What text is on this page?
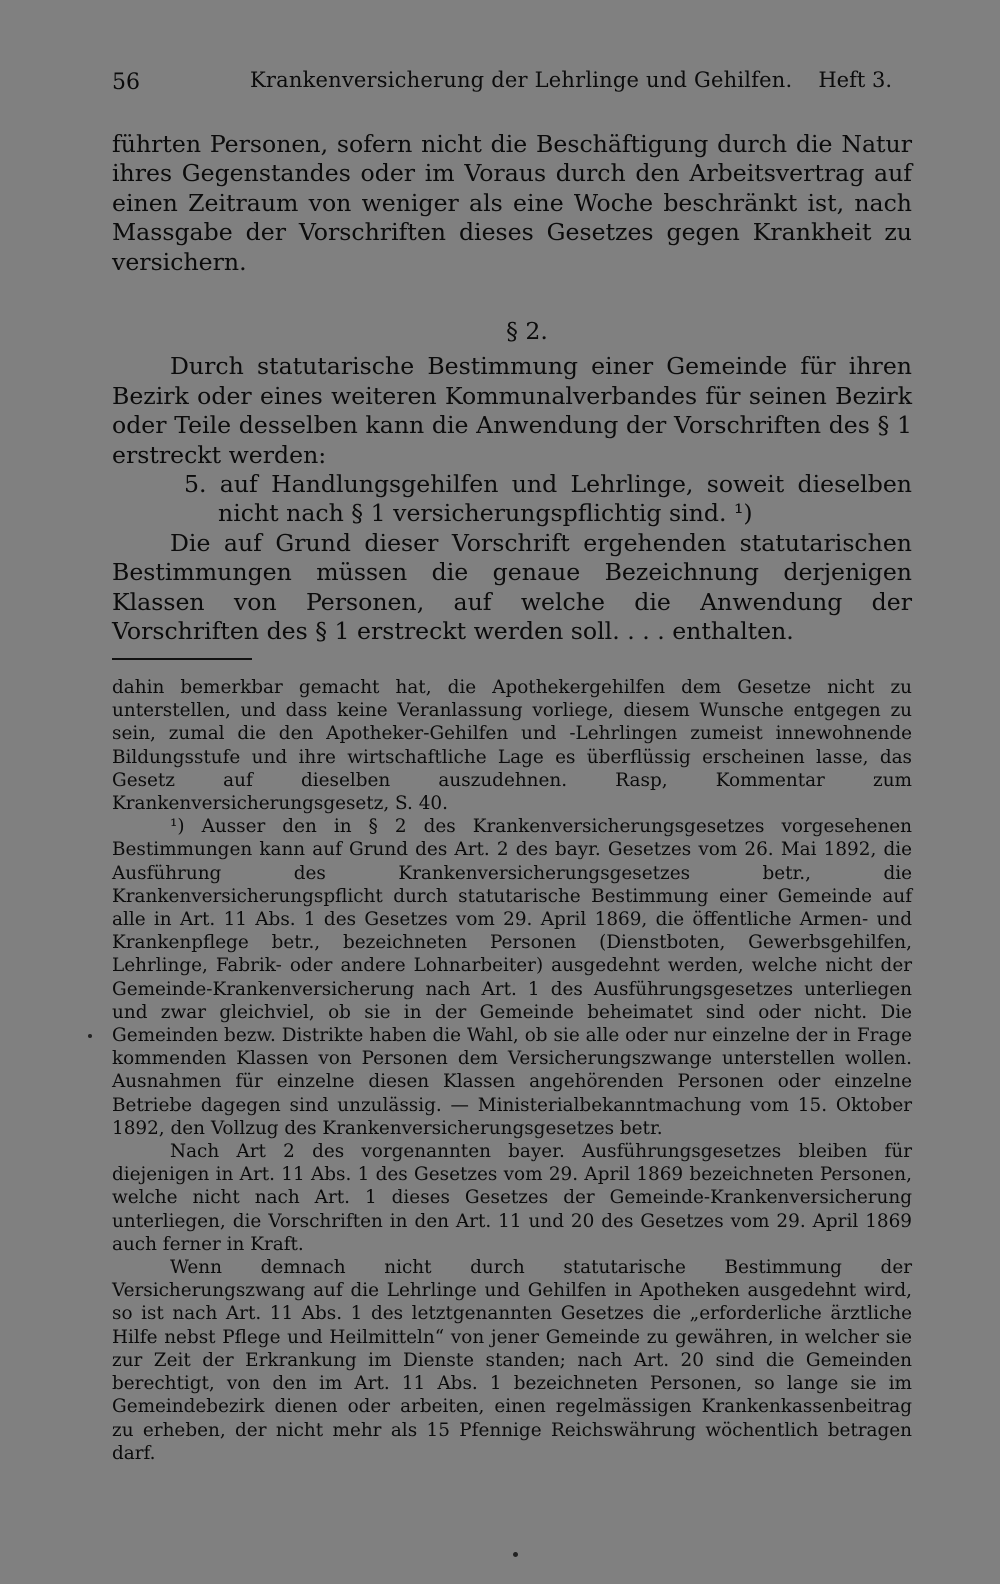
56	Krankenversicherung der Lehrlinge und Gehilfen. Heft 3.

führten Personen, sofern nicht die Beschäftigung durch die Natur ihres Gegenstandes oder im Voraus durch den Arbeitsvertrag auf einen Zeitraum von weniger als eine Woche beschränkt ist, nach Massgabe der Vorschriften dieses Gesetzes gegen Krankheit zu versichern.

§ 2.

Durch statutarische Bestimmung einer Gemeinde für ihren Bezirk oder eines weiteren Kommunalverbandes für seinen Bezirk oder Teile desselben kann die Anwendung der Vorschriften des § 1 erstreckt werden:

5. auf Handlungsgehilfen und Lehrlinge, soweit dieselben nicht nach § 1 versicherungspflichtig sind. ¹)

Die auf Grund dieser Vorschrift ergehenden statutarischen Bestimmungen müssen die genaue Bezeichnung derjenigen Klassen von Personen, auf welche die Anwendung der Vorschriften des § 1 erstreckt werden soll. . . . enthalten.

dahin bemerkbar gemacht hat, die Apothekergehilfen dem Gesetze nicht zu unterstellen, und dass keine Veranlassung vorliege, diesem Wunsche entgegen zu sein, zumal die den Apotheker-Gehilfen und -Lehrlingen zumeist innewohnende Bildungsstufe und ihre wirtschaftliche Lage es überflüssig erscheinen lasse, das Gesetz auf dieselben auszudehnen. Rasp, Kommentar zum Krankenversicherungsgesetz, S. 40.

¹) Ausser den in § 2 des Krankenversicherungsgesetzes vorgesehenen Bestimmungen kann auf Grund des Art. 2 des bayr. Gesetzes vom 26. Mai 1892, die Ausführung des Krankenversicherungsgesetzes betr., die Krankenversicherungspflicht durch statutarische Bestimmung einer Gemeinde auf alle in Art. 11 Abs. 1 des Gesetzes vom 29. April 1869, die öffentliche Armen- und Krankenpflege betr., bezeichneten Personen (Dienstboten, Gewerbsgehilfen, Lehrlinge, Fabrik- oder andere Lohnarbeiter) ausgedehnt werden, welche nicht der Gemeinde-Krankenversicherung nach Art. 1 des Ausführungsgesetzes unterliegen und zwar gleichviel, ob sie in der Gemeinde beheimatet sind oder nicht. Die Gemeinden bezw. Distrikte haben die Wahl, ob sie alle oder nur einzelne der in Frage kommenden Klassen von Personen dem Versicherungszwange unterstellen wollen. Ausnahmen für einzelne diesen Klassen angehörenden Personen oder einzelne Betriebe dagegen sind unzulässig. — Ministerialbekanntmachung vom 15. Oktober 1892, den Vollzug des Krankenversicherungsgesetzes betr.

Nach Art 2 des vorgenannten bayer. Ausführungsgesetzes bleiben für diejenigen in Art. 11 Abs. 1 des Gesetzes vom 29. April 1869 bezeichneten Personen, welche nicht nach Art. 1 dieses Gesetzes der Gemeinde-Krankenversicherung unterliegen, die Vorschriften in den Art. 11 und 20 des Gesetzes vom 29. April 1869 auch ferner in Kraft.

Wenn demnach nicht durch statutarische Bestimmung der Versicherungszwang auf die Lehrlinge und Gehilfen in Apotheken ausgedehnt wird, so ist nach Art. 11 Abs. 1 des letztgenannten Gesetzes die „erforderliche ärztliche Hilfe nebst Pflege und Heilmitteln“ von jener Gemeinde zu gewähren, in welcher sie zur Zeit der Erkrankung im Dienste standen; nach Art. 20 sind die Gemeinden berechtigt, von den im Art. 11 Abs. 1 bezeichneten Personen, so lange sie im Gemeindebezirk dienen oder arbeiten, einen regelmässigen Krankenkassenbeitrag zu erheben, der nicht mehr als 15 Pfennige Reichswährung wöchentlich betragen darf.
